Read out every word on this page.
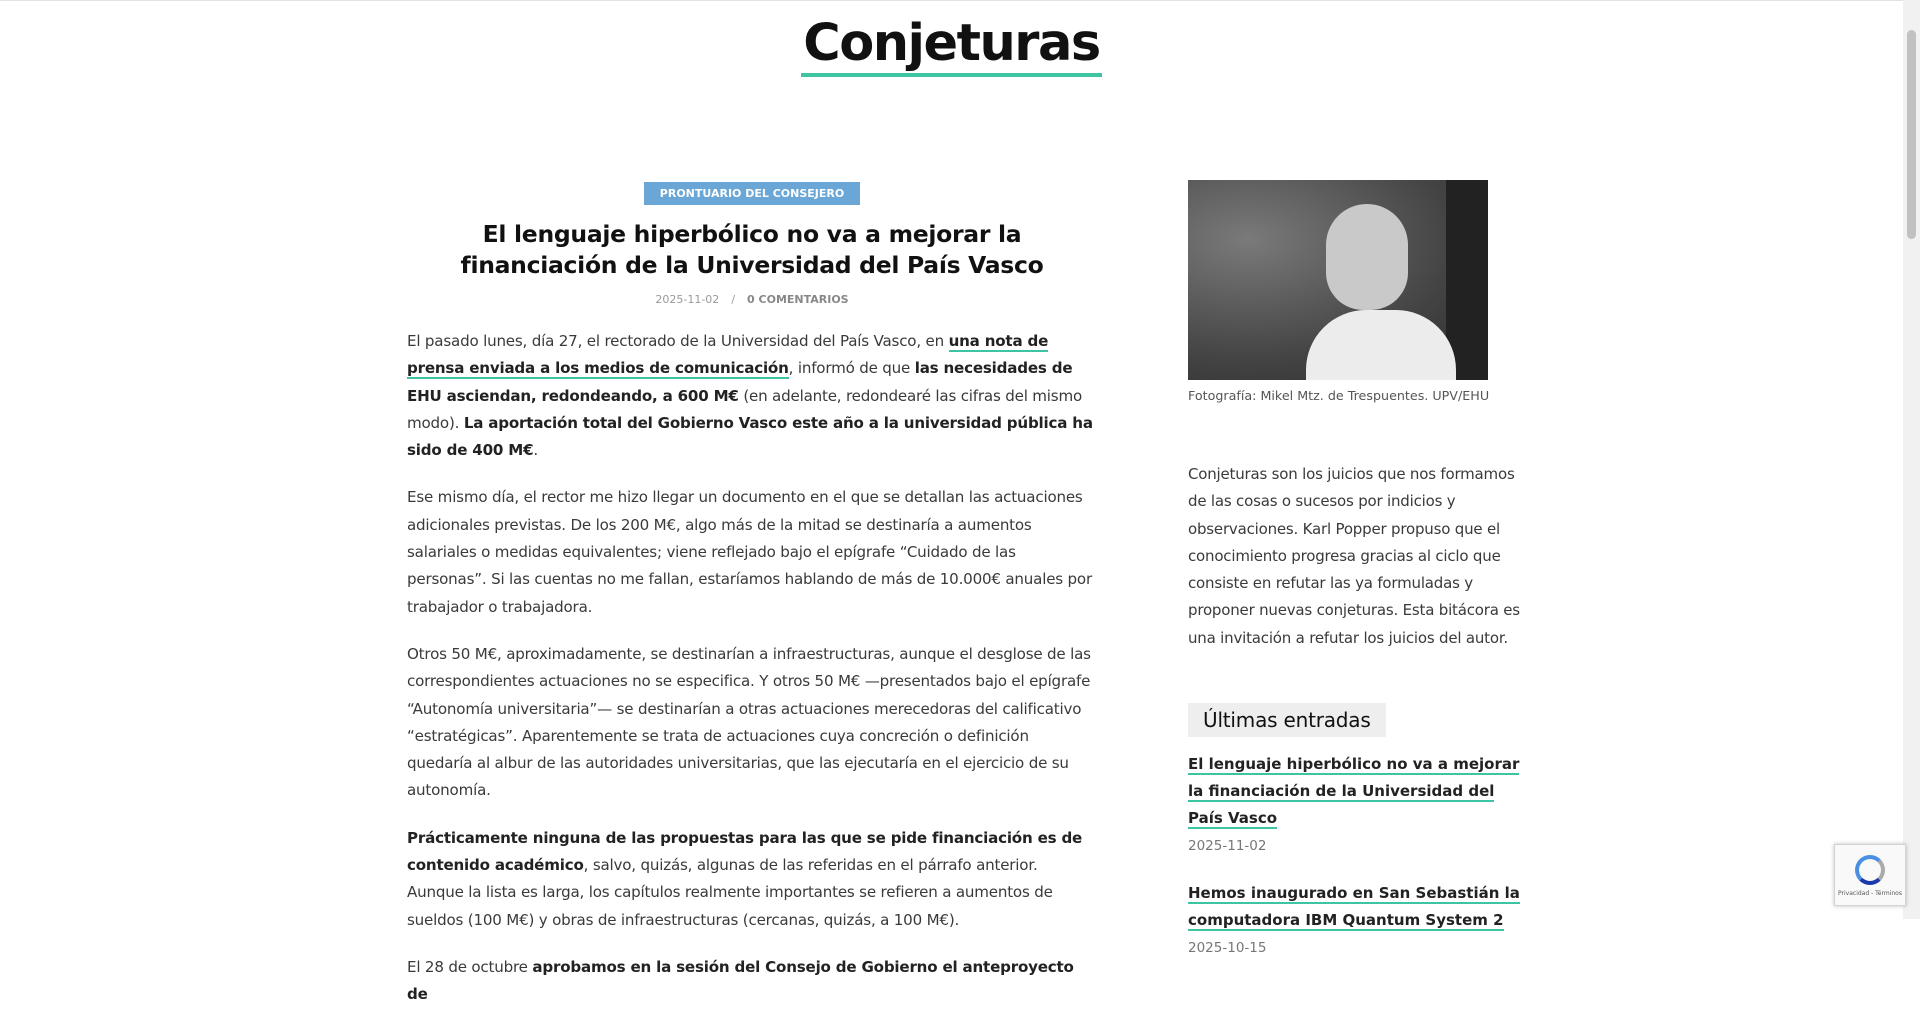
Conjeturas
PRONTUARIO DEL CONSEJERO
El lenguaje hiperbólico no va a mejorar la financiación de la Universidad del País Vasco
2025-11-02 / 0 COMENTARIOS

El pasado lunes, día 27, el rectorado de la Universidad del País Vasco, en una nota de prensa enviada a los medios de comunicación, informó de que las necesidades de EHU asciendan, redondeando, a 600 M€ (en adelante, redondearé las cifras del mismo modo). La aportación total del Gobierno Vasco este año a la universidad pública ha sido de 400 M€.

Ese mismo día, el rector me hizo llegar un documento en el que se detallan las actuaciones adicionales previstas. De los 200 M€, algo más de la mitad se destinaría a aumentos salariales o medidas equivalentes; viene reflejado bajo el epígrafe “Cuidado de las personas”. Si las cuentas no me fallan, estaríamos hablando de más de 10.000€ anuales por trabajador o trabajadora.

Otros 50 M€, aproximadamente, se destinarían a infraestructuras, aunque el desglose de las correspondientes actuaciones no se especifica. Y otros 50 M€ —presentados bajo el epígrafe “Autonomía universitaria”— se destinarían a otras actuaciones merecedoras del calificativo “estratégicas”. Aparentemente se trata de actuaciones cuya concreción o definición quedaría al albur de las autoridades universitarias, que las ejecutaría en el ejercicio de su autonomía.

Prácticamente ninguna de las propuestas para las que se pide financiación es de contenido académico, salvo, quizás, algunas de las referidas en el párrafo anterior. Aunque la lista es larga, los capítulos realmente importantes se refieren a aumentos de sueldos (100 M€) y obras de infraestructuras (cercanas, quizás, a 100 M€).

El 28 de octubre aprobamos en la sesión del Consejo de Gobierno el anteproyecto de

Fotografía: Mikel Mtz. de Trespuentes. UPV/EHU
Conjeturas son los juicios que nos formamos de las cosas o sucesos por indicios y observaciones. Karl Popper propuso que el conocimiento progresa gracias al ciclo que consiste en refutar las ya formuladas y proponer nuevas conjeturas. Esta bitácora es una invitación a refutar los juicios del autor.
Últimas entradas
El lenguaje hiperbólico no va a mejorar la financiación de la Universidad del País Vasco
2025-11-02
Hemos inaugurado en San Sebastián la computadora IBM Quantum System 2 2025-10-15
Privacidad - Términos
